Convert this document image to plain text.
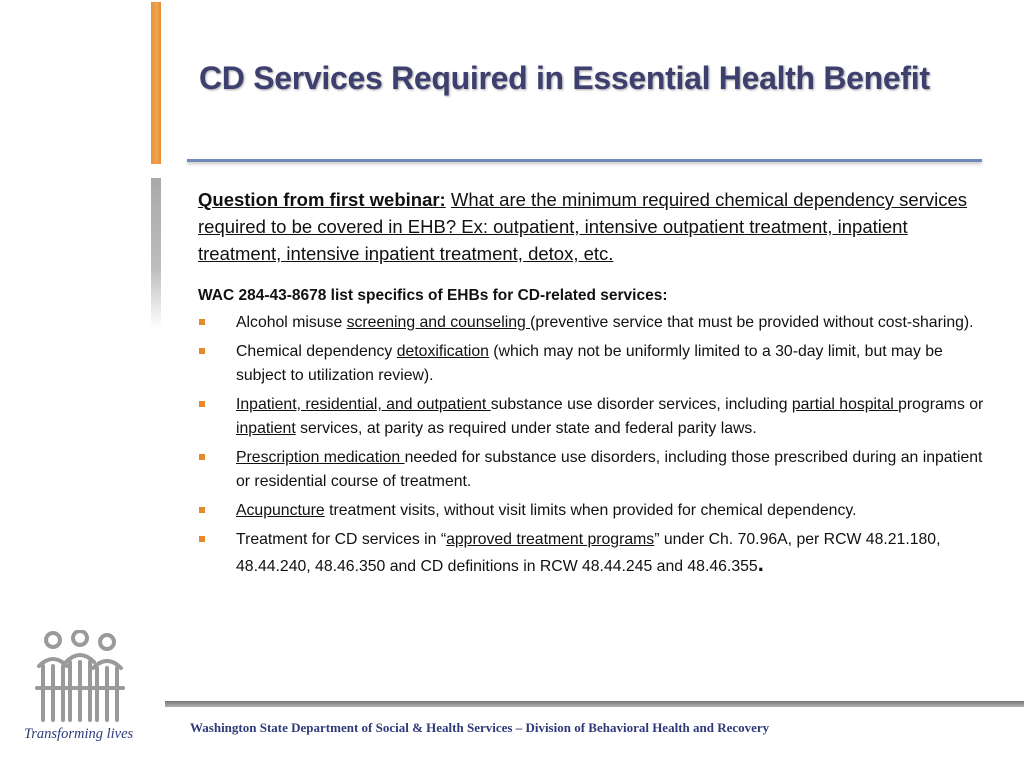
CD Services Required in Essential Health Benefit
Question from first webinar: What are the minimum required chemical dependency services required to be covered in EHB? Ex: outpatient, intensive outpatient treatment, inpatient treatment, intensive inpatient treatment, detox, etc.
WAC 284-43-8678 list specifics of EHBs for CD-related services:
Alcohol misuse screening and counseling (preventive service that must be provided without cost-sharing).
Chemical dependency detoxification (which may not be uniformly limited to a 30-day limit, but may be subject to utilization review).
Inpatient, residential, and outpatient substance use disorder services, including partial hospital programs or inpatient services, at parity as required under state and federal parity laws.
Prescription medication needed for substance use disorders, including those prescribed during an inpatient or residential course of treatment.
Acupuncture treatment visits, without visit limits when provided for chemical dependency.
Treatment for CD services in “approved treatment programs” under Ch. 70.96A, per RCW 48.21.180, 48.44.240, 48.46.350 and CD definitions in RCW 48.44.245 and 48.46.355.
Transforming lives	Washington State Department of Social & Health Services – Division of Behavioral Health and Recovery
